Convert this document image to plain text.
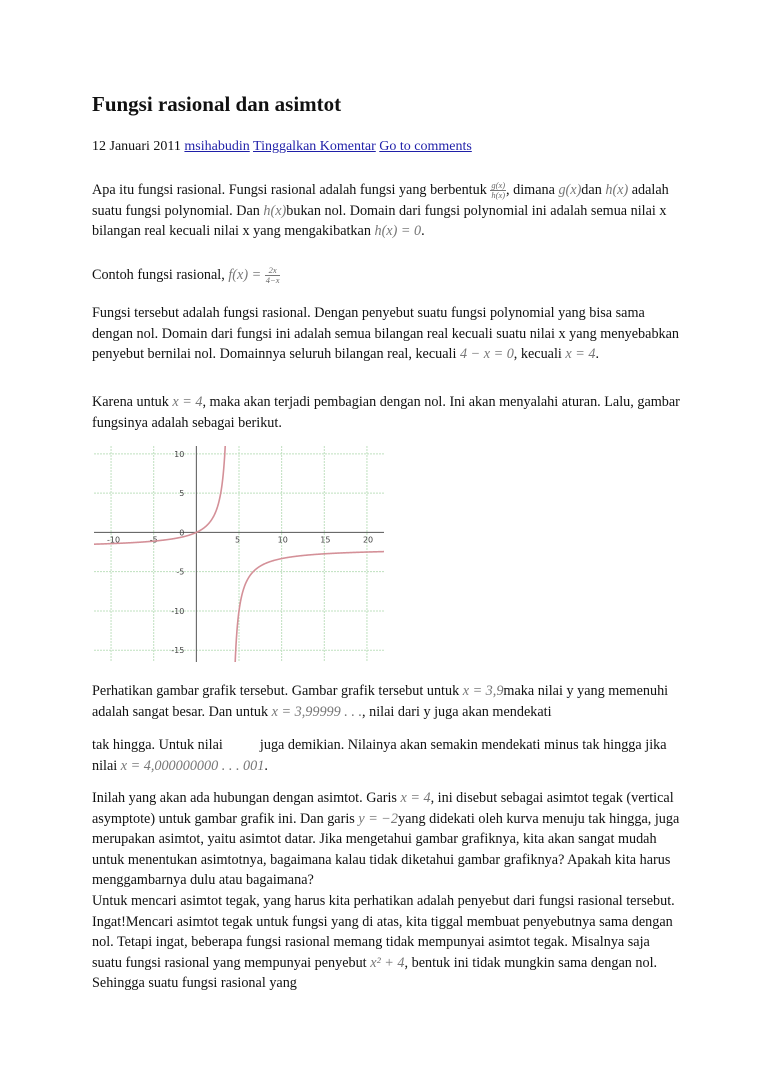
Fungsi rasional dan asimtot
12 Januari 2011 msihabudin Tinggalkan Komentar Go to comments

Apa itu fungsi rasional. Fungsi rasional adalah fungsi yang berbentuk $\frac{g(x)}{h(x)}$ , dimana g(x)dan h(x) adalah suatu fungsi polynomial. Dan h(x)bukan nol. Domain dari fungsi polynomial ini adalah semua nilai x bilangan real kecuali nilai x yang mengakibatkan h(x) = 0.

Contoh fungsi rasional, $f(x) = \frac{2x}{4-x}$

Fungsi tersebut adalah fungsi rasional. Dengan penyebut suatu fungsi polynomial yang bisa sama dengan nol. Domain dari fungsi ini adalah semua bilangan real kecuali suatu nilai x yang menyebabkan penyebut bernilai nol. Domainnya seluruh bilangan real, kecuali 4 − x = 0, kecuali x = 4.

Karena untuk x = 4, maka akan terjadi pembagian dengan nol. Ini akan menyalahi aturan. Lalu, gambar fungsinya adalah sebagai berikut.

-10	-5	5	10	15	20
10
5
0
-5
-10
-15

Perhatikan gambar grafik tersebut. Gambar grafik tersebut untuk x = 3,9maka nilai y yang memenuhi adalah sangat besar. Dan untuk x = 3,99999 . . ., nilai dari y juga akan mendekati

tak hingga. Untuk nilai	juga demikian. Nilainya akan semakin mendekati minus tak hingga jika nilai x = 4,000000000 . . . 001.

Inilah yang akan ada hubungan dengan asimtot. Garis x = 4, ini disebut sebagai asimtot tegak (vertical asymptote) untuk gambar grafik ini. Dan garis y = −2yang didekati oleh kurva menuju tak hingga, juga merupakan asimtot, yaitu asimtot datar. Jika mengetahui gambar grafiknya, kita akan sangat mudah untuk menentukan asimtotnya, bagaimana kalau tidak diketahui gambar grafiknya? Apakah kita harus menggambarnya dulu atau bagaimana?

Untuk mencari asimtot tegak, yang harus kita perhatikan adalah penyebut dari fungsi rasional tersebut. Ingat!Mencari asimtot tegak untuk fungsi yang di atas, kita tiggal membuat penyebutnya sama dengan nol. Tetapi ingat, beberapa fungsi rasional memang tidak mempunyai asimtot tegak. Misalnya saja suatu fungsi rasional yang mempunyai penyebut x² + 4, bentuk ini tidak mungkin sama dengan nol. Sehingga suatu fungsi rasional yang
